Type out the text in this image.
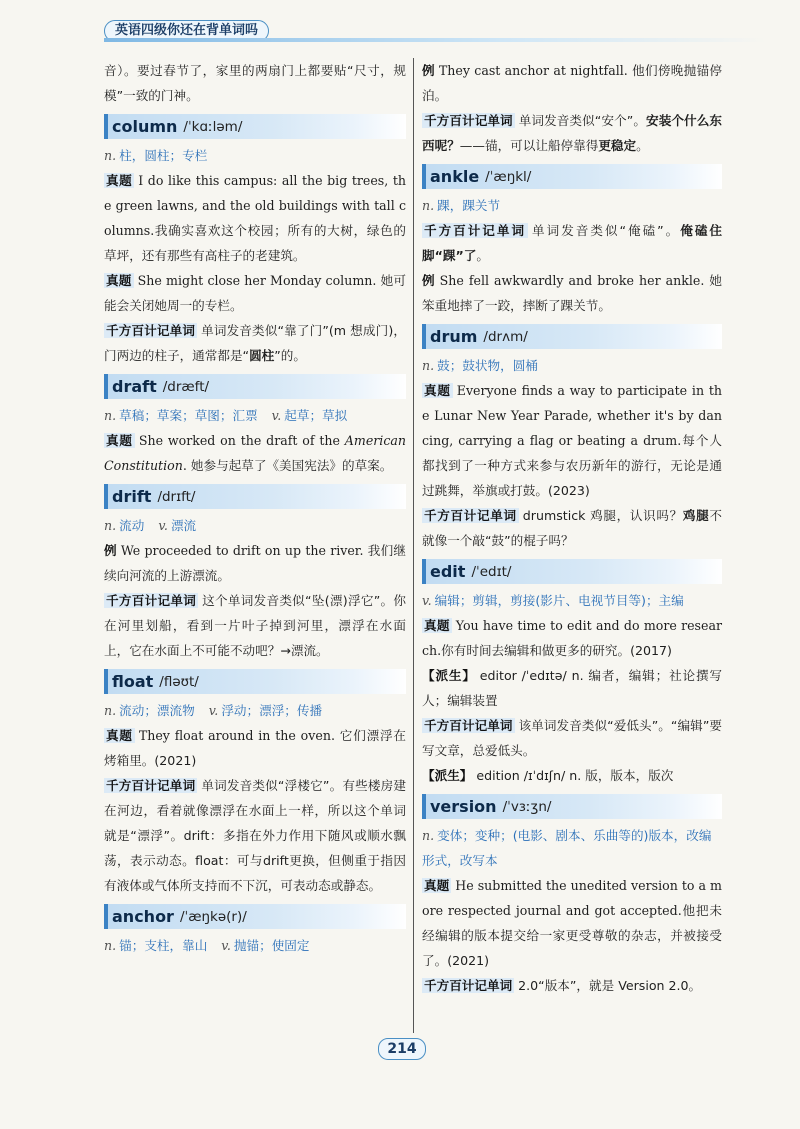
英语四级你还在背单词吗

音）。要过春节了，家里的两扇门上都要贴“尺寸，规模”一致的门神。

column /ˈkɑːləm/

n. 柱，圆柱；专栏

真题 I do like this campus: all the big trees, the green lawns, and the old buildings with tall columns.我确实喜欢这个校园；所有的大树，绿色的草坪，还有那些有高柱子的老建筑。

真题 She might close her Monday column. 她可能会关闭她周一的专栏。

千方百计记单词 单词发音类似“靠了门”(m 想成门)，门两边的柱子，通常都是“圆柱”的。

draft /dræft/

n. 草稿；草案；草图；汇票 v. 起草；草拟

真题 She worked on the draft of the American Constitution. 她参与起草了《美国宪法》的草案。

drift /drɪft/

n. 流动 v. 漂流

例 We proceeded to drift on up the river. 我们继续向河流的上游漂流。

千方百计记单词 这个单词发音类似“坠(漂)浮它”。你在河里划船，看到一片叶子掉到河里，漂浮在水面上，它在水面上不可能不动吧？→漂流。

float /fləʊt/

n. 流动；漂流物 v. 浮动；漂浮；传播

真题 They float around in the oven. 它们漂浮在烤箱里。(2021)

千方百计记单词 单词发音类似“浮楼它”。有些楼房建在河边，看着就像漂浮在水面上一样，所以这个单词就是“漂浮”。drift：多指在外力作用下随风或顺水飘荡，表示动态。float：可与drift更换，但侧重于指因有液体或气体所支持而不下沉，可表动态或静态。

anchor /ˈæŋkə(r)/

n. 锚；支柱，靠山 v. 抛锚；使固定

例 They cast anchor at nightfall. 他们傍晚抛锚停泊。

千方百计记单词 单词发音类似“安个”。安装个什么东西呢？——锚，可以让船停靠得更稳定。

ankle /ˈæŋkl/

n. 踝，踝关节

千方百计记单词 单词发音类似“俺磕”。俺磕住脚“踝”了。

例 She fell awkwardly and broke her ankle. 她笨重地摔了一跤，摔断了踝关节。

drum /drʌm/

n. 鼓；鼓状物，圆桶

真题 Everyone finds a way to participate in the Lunar New Year Parade, whether it's by dancing, carrying a flag or beating a drum.每个人都找到了一种方式来参与农历新年的游行，无论是通过跳舞，举旗或打鼓。(2023)

千方百计记单词 drumstick 鸡腿，认识吗？鸡腿不就像一个敲“鼓”的棍子吗？

edit /ˈedɪt/

v. 编辑；剪辑，剪接(影片、电视节目等)；主编

真题 You have time to edit and do more research.你有时间去编辑和做更多的研究。(2017)

【派生】 editor /ˈedɪtə/ n. 编者，编辑；社论撰写人；编辑装置

千方百计记单词 该单词发音类似“爱低头”。“编辑”要写文章，总爱低头。

【派生】 edition /ɪˈdɪʃn/ n. 版，版本，版次

version /ˈvɜːʒn/

n. 变体；变种；(电影、剧本、乐曲等的)版本，改编形式，改写本

真题 He submitted the unedited version to a more respected journal and got accepted.他把未经编辑的版本提交给一家更受尊敬的杂志，并被接受了。(2021)

千方百计记单词 2.0“版本”，就是 Version 2.0。

214
